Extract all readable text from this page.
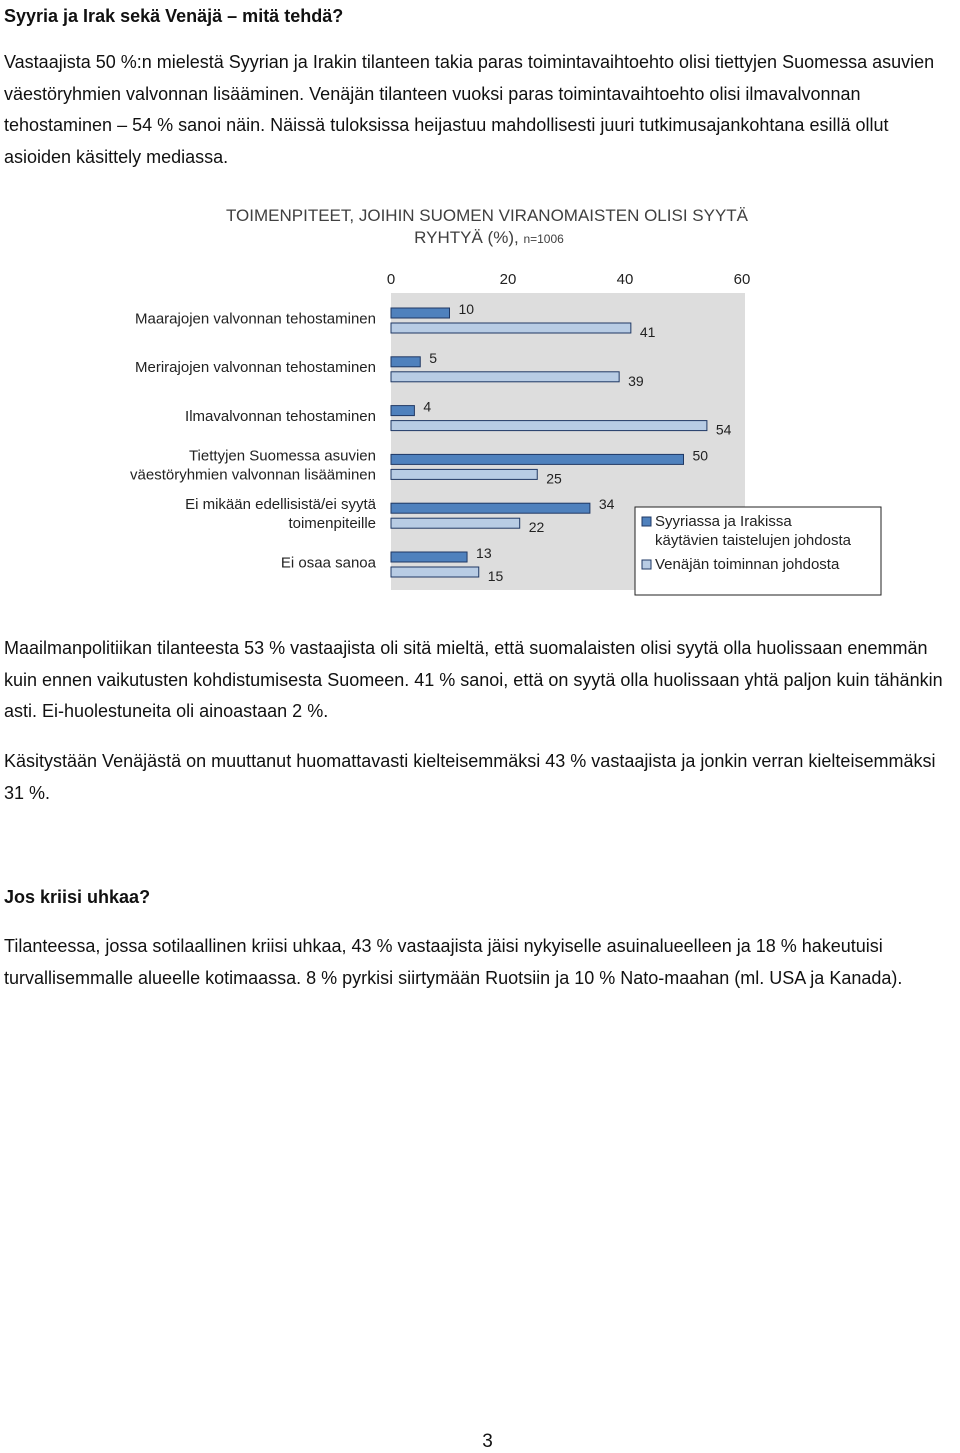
Syyria ja Irak sekä Venäjä – mitä tehdä?

Vastaajista 50 %:n mielestä Syyrian ja Irakin tilanteen takia paras toimintavaihtoehto olisi tiettyjen Suomessa asuvien väestöryhmien valvonnan lisääminen. Venäjän tilanteen vuoksi paras toimintavaihtoehto olisi ilmavalvonnan tehostaminen – 54 % sanoi näin. Näissä tuloksissa heijastuu mahdollisesti juuri tutkimusajankohtana esillä ollut asioiden käsittely mediassa.

TOIMENPITEET, JOIHIN SUOMEN VIRANOMAISTEN OLISI SYYTÄ
RYHTYÄ (%), n=1006
0	20	40	60
Maarajojen valvonnan tehostaminen
10
41
Merirajojen valvonnan tehostaminen
5
39
Ilmavalvonnan tehostaminen
4
54
Tiettyjen Suomessa asuvien
väestöryhmien valvonnan lisääminen
50
25
Ei mikään edellisistä/ei syytä
toimenpiteille
34
22
Ei osaa sanoa
13
15
Syyriassa ja Irakissa
käytävien taistelujen johdosta
Venäjän toiminnan johdosta

Maailmanpolitiikan tilanteesta 53 % vastaajista oli sitä mieltä, että suomalaisten olisi syytä olla huolissaan enemmän kuin ennen vaikutusten kohdistumisesta Suomeen. 41 % sanoi, että on syytä olla huolissaan yhtä paljon kuin tähänkin asti. Ei-huolestuneita oli ainoastaan 2 %.

Käsitystään Venäjästä on muuttanut huomattavasti kielteisemmäksi 43 % vastaajista ja jonkin verran kielteisemmäksi 31 %.

Jos kriisi uhkaa?

Tilanteessa, jossa sotilaallinen kriisi uhkaa, 43 % vastaajista jäisi nykyiselle asuinalueelleen ja 18 % hakeutuisi turvallisemmalle alueelle kotimaassa. 8 % pyrkisi siirtymään Ruotsiin ja 10 % Nato-maahan (ml. USA ja Kanada).

3
